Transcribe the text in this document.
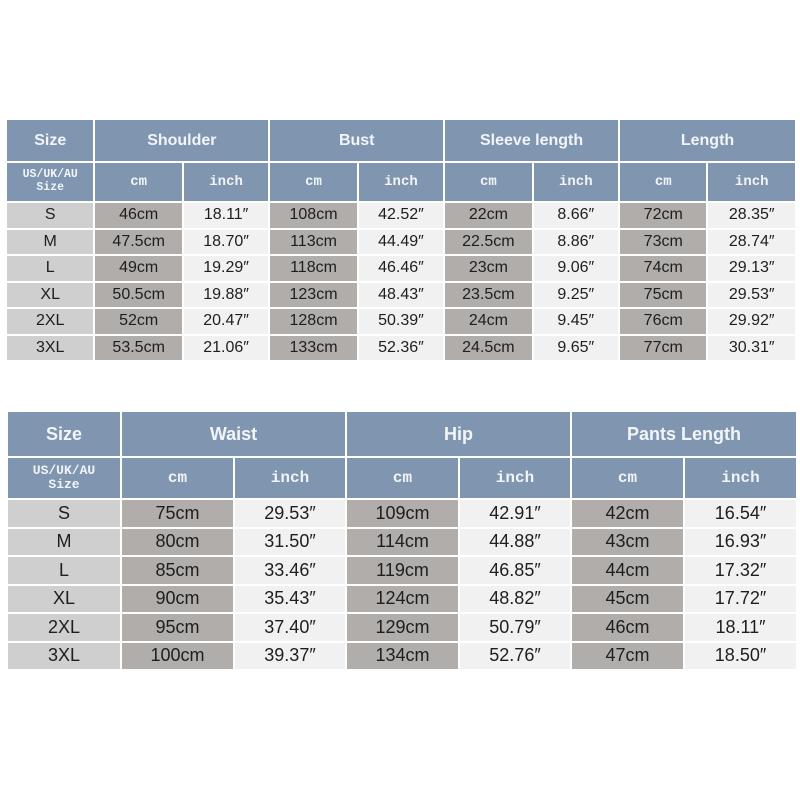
Size	Shoulder		Bust		Sleeve length		Length	

US/UK/AU
Size	cm	inch	cm	inch	cm	inch	cm	inch
S	46cm	18.11″	108cm	42.52″	22cm	8.66″	72cm	28.35″
M	47.5cm	18.70″	113cm	44.49″	22.5cm	8.86″	73cm	28.74″
L	49cm	19.29″	118cm	46.46″	23cm	9.06″	74cm	29.13″
XL	50.5cm	19.88″	123cm	48.43″	23.5cm	9.25″	75cm	29.53″
2XL	52cm	20.47″	128cm	50.39″	24cm	9.45″	76cm	29.92″
3XL	53.5cm	21.06″	133cm	52.36″	24.5cm	9.65″	77cm	30.31″
Size	Waist		Hip		Pants Length	

US/UK/AU
Size	cm	inch	cm	inch	cm	inch
S	75cm	29.53″	109cm	42.91″	42cm	16.54″
M	80cm	31.50″	114cm	44.88″	43cm	16.93″
L	85cm	33.46″	119cm	46.85″	44cm	17.32″
XL	90cm	35.43″	124cm	48.82″	45cm	17.72″
2XL	95cm	37.40″	129cm	50.79″	46cm	18.11″
3XL	100cm	39.37″	134cm	52.76″	47cm	18.50″
